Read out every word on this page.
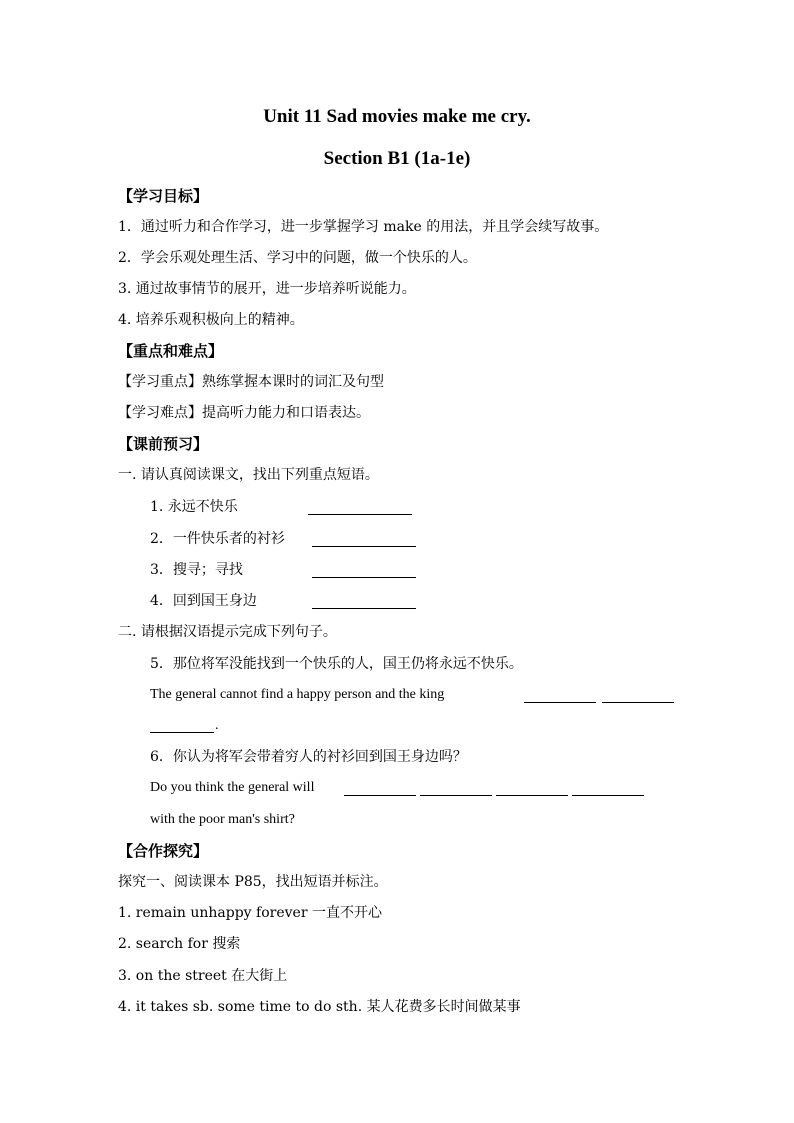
Unit 11 Sad movies make me cry.
Section B1 (1a-1e)
【学习目标】
1．通过听力和合作学习，进一步掌握学习 make 的用法，并且学会续写故事。
2．学会乐观处理生活、学习中的问题，做一个快乐的人。
3. 通过故事情节的展开，进一步培养听说能力。
4. 培养乐观积极向上的精神。
【重点和难点】
【学习重点】熟练掌握本课时的词汇及句型
【学习难点】提高听力能力和口语表达。
【课前预习】
一. 请认真阅读课文，找出下列重点短语。
1. 永远不快乐
2．一件快乐者的衬衫
3．搜寻；寻找
4．回到国王身边
二. 请根据汉语提示完成下列句子。
5．那位将军没能找到一个快乐的人，国王仍将永远不快乐。
The general cannot find a happy person and the king
.
6．你认为将军会带着穷人的衬衫回到国王身边吗？
Do you think the general will
with the poor man's shirt?
【合作探究】
探究一、阅读课本 P85，找出短语并标注。
1. remain unhappy forever 一直不开心
2. search for 搜索
3. on the street 在大街上
4. it takes sb. some time to do sth. 某人花费多长时间做某事
